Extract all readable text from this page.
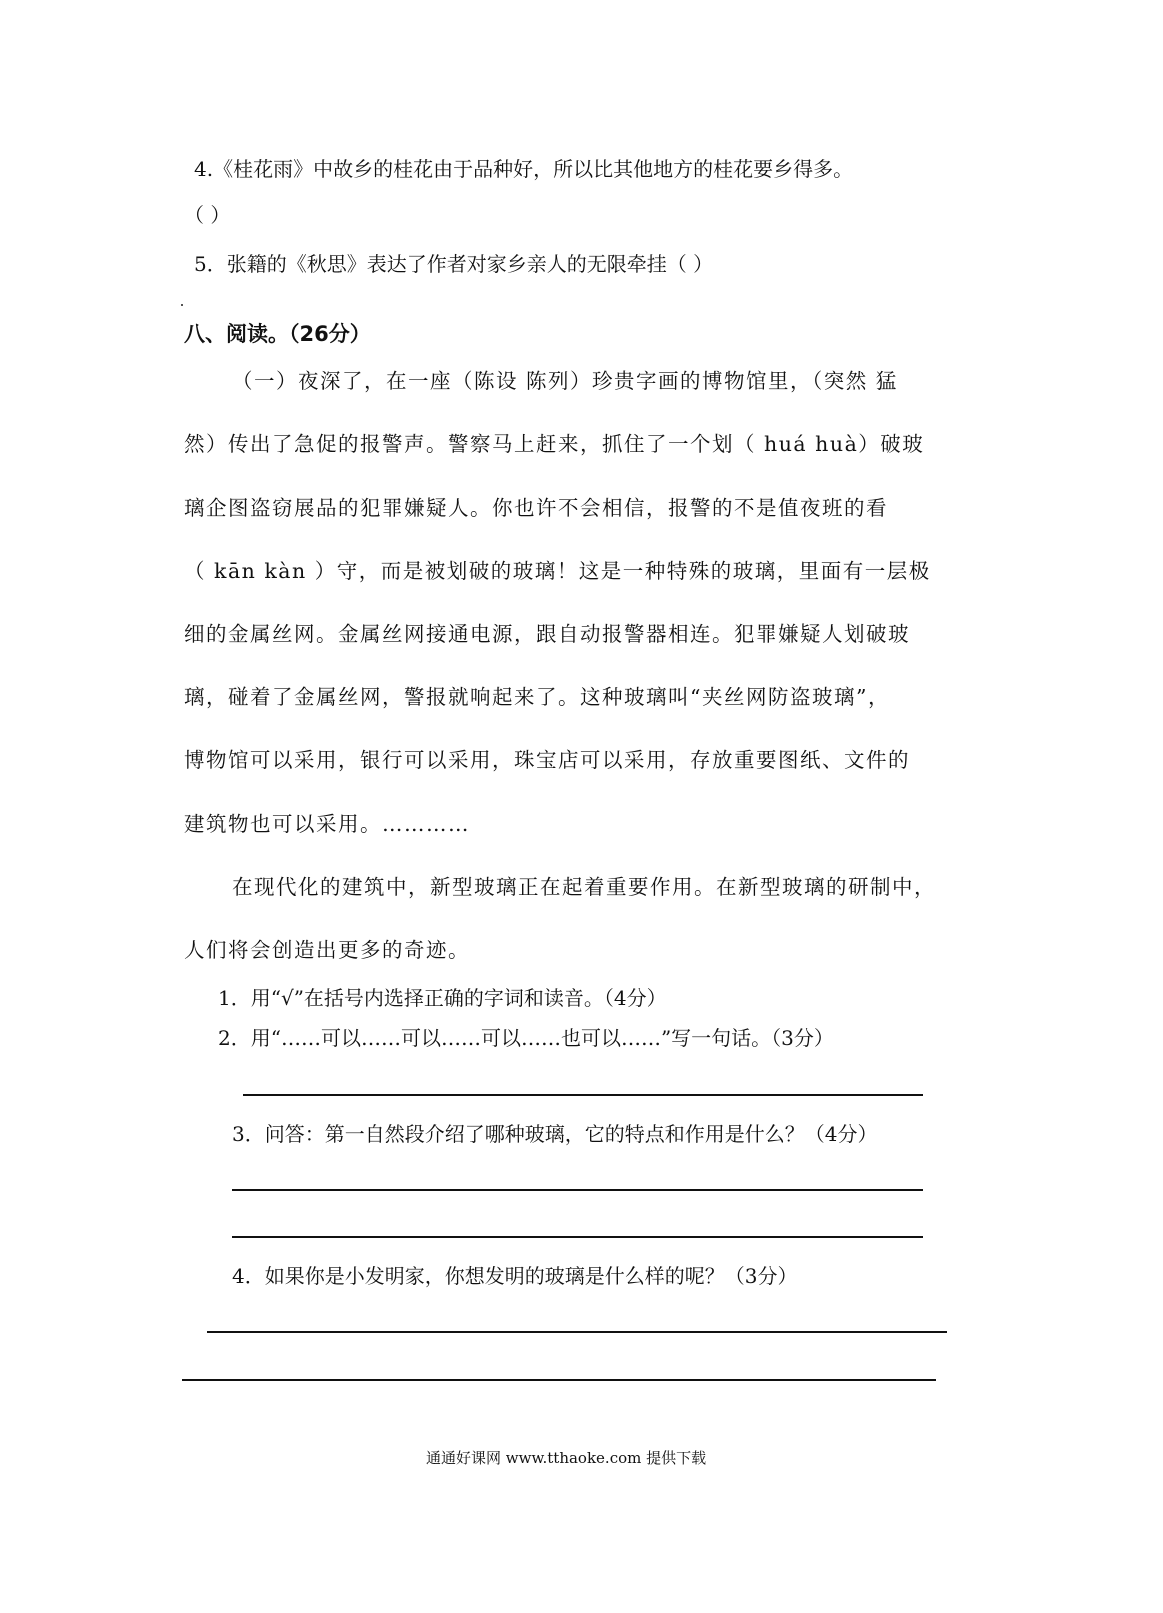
4.《桂花雨》中故乡的桂花由于品种好，所以比其他地方的桂花要乡得多。
（ ）
5．张籍的《秋思》表达了作者对家乡亲人的无限牵挂（ ）
八、阅读。（26分）
（一）夜深了，在一座（陈设 陈列）珍贵字画的博物馆里，（突然 猛
然）传出了急促的报警声。警察马上赶来，抓住了一个划（ huá huà）破玻
璃企图盗窃展品的犯罪嫌疑人。你也许不会相信，报警的不是值夜班的看
（ kān kàn ）守，而是被划破的玻璃！这是一种特殊的玻璃，里面有一层极
细的金属丝网。金属丝网接通电源，跟自动报警器相连。犯罪嫌疑人划破玻
璃，碰着了金属丝网，警报就响起来了。这种玻璃叫“夹丝网防盗玻璃”，
博物馆可以采用，银行可以采用，珠宝店可以采用，存放重要图纸、文件的
建筑物也可以采用。…………
在现代化的建筑中，新型玻璃正在起着重要作用。在新型玻璃的研制中，
人们将会创造出更多的奇迹。
1．用“√”在括号内选择正确的字词和读音。（4分）
2．用“……可以……可以……可以……也可以……”写一句话。（3分）
3．问答：第一自然段介绍了哪种玻璃，它的特点和作用是什么？（4分）
4．如果你是小发明家，你想发明的玻璃是什么样的呢？（3分）
通通好课网 www.tthaoke.com 提供下载
